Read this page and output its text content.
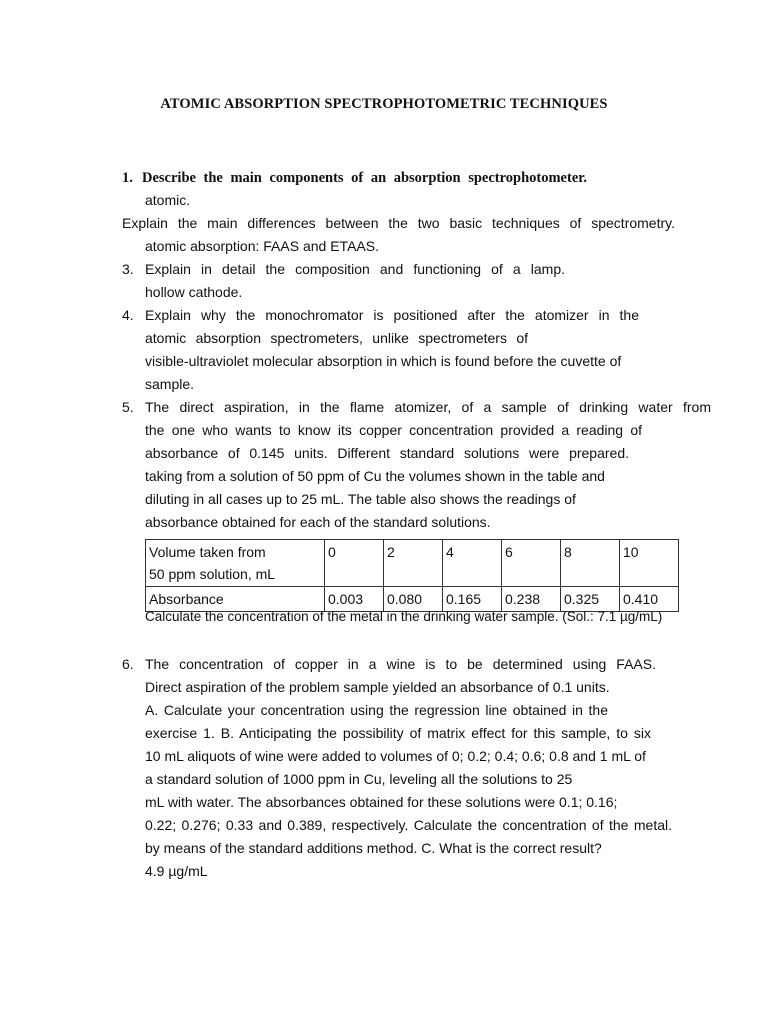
ATOMIC ABSORPTION SPECTROPHOTOMETRIC TECHNIQUES
1. Describe the main components of an absorption spectrophotometer.
atomic.
Explain the main differences between the two basic techniques of spectrometry.
atomic absorption: FAAS and ETAAS.
3. Explain in detail the composition and functioning of a lamp.
hollow cathode.
4. Explain why the monochromator is positioned after the atomizer in the
atomic absorption spectrometers, unlike spectrometers of
visible-ultraviolet molecular absorption in which is found before the cuvette of
sample.
5. The direct aspiration, in the flame atomizer, of a sample of drinking water from
the one who wants to know its copper concentration provided a reading of
absorbance of 0.145 units. Different standard solutions were prepared.
taking from a solution of 50 ppm of Cu the volumes shown in the table and
diluting in all cases up to 25 mL. The table also shows the readings of
absorbance obtained for each of the standard solutions.
Volume taken from
50 ppm solution, mL	0	2	4	6	8	10
Absorbance	0.003	0.080	0.165	0.238	0.325	0.410
Calculate the concentration of the metal in the drinking water sample. (Sol.: 7.1 µg/mL)
6. The concentration of copper in a wine is to be determined using FAAS.
Direct aspiration of the problem sample yielded an absorbance of 0.1 units.
A. Calculate your concentration using the regression line obtained in the
exercise 1. B. Anticipating the possibility of matrix effect for this sample, to six
10 mL aliquots of wine were added to volumes of 0; 0.2; 0.4; 0.6; 0.8 and 1 mL of
a standard solution of 1000 ppm in Cu, leveling all the solutions to 25
mL with water. The absorbances obtained for these solutions were 0.1; 0.16;
0.22; 0.276; 0.33 and 0.389, respectively. Calculate the concentration of the metal.
by means of the standard additions method. C. What is the correct result?
4.9 µg/mL
